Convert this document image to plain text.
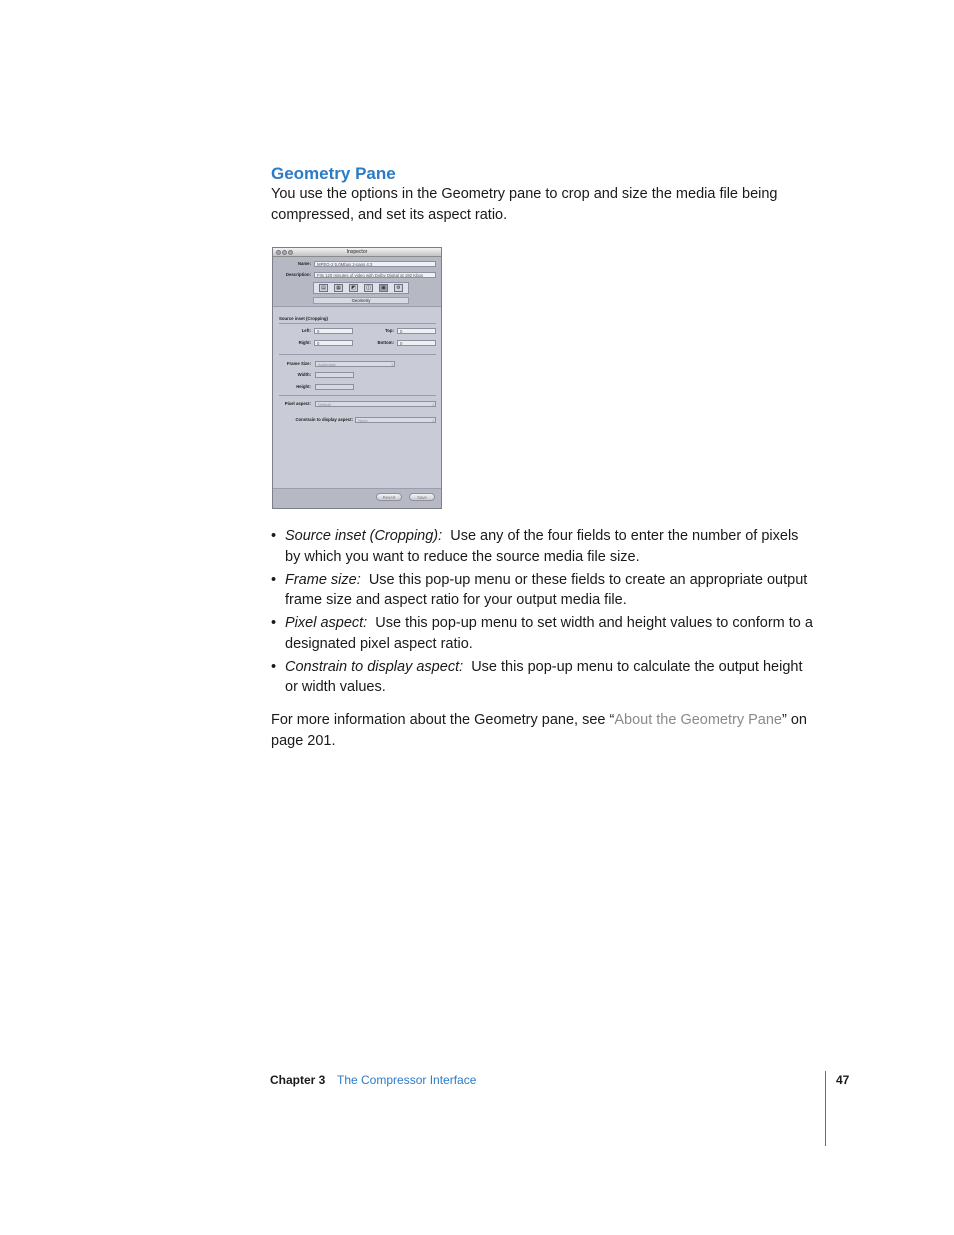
Geometry Pane

You use the options in the Geometry pane to crop and size the media file being compressed, and set its aspect ratio.

Inspector
Name:	MPEG-2 5.0Mbps 2-pass 4:3
Description:	Fits 120 minutes of video with Dolby Digital at 192 Kbps
▤	▦	◩	◫	▣	⚙
Geometry
Source inset (Cropping)
Left:	0	Top:	0
Right:	0	Bottom:	0
Frame Size:	Automatic ↕
Width:
Height:
Pixel aspect:	Default ↕
Constrain to display aspect:	None ↕
Revert	Save
• Source inset (Cropping): Use any of the four fields to enter the number of pixels by which you want to reduce the source media file size.
• Frame size: Use this pop-up menu or these fields to create an appropriate output frame size and aspect ratio for your output media file.
• Pixel aspect: Use this pop-up menu to set width and height values to conform to a designated pixel aspect ratio.
• Constrain to display aspect: Use this pop-up menu to calculate the output height or width values.

For more information about the Geometry pane, see “About the Geometry Pane” on page 201.

Chapter 3 The Compressor Interface	47
